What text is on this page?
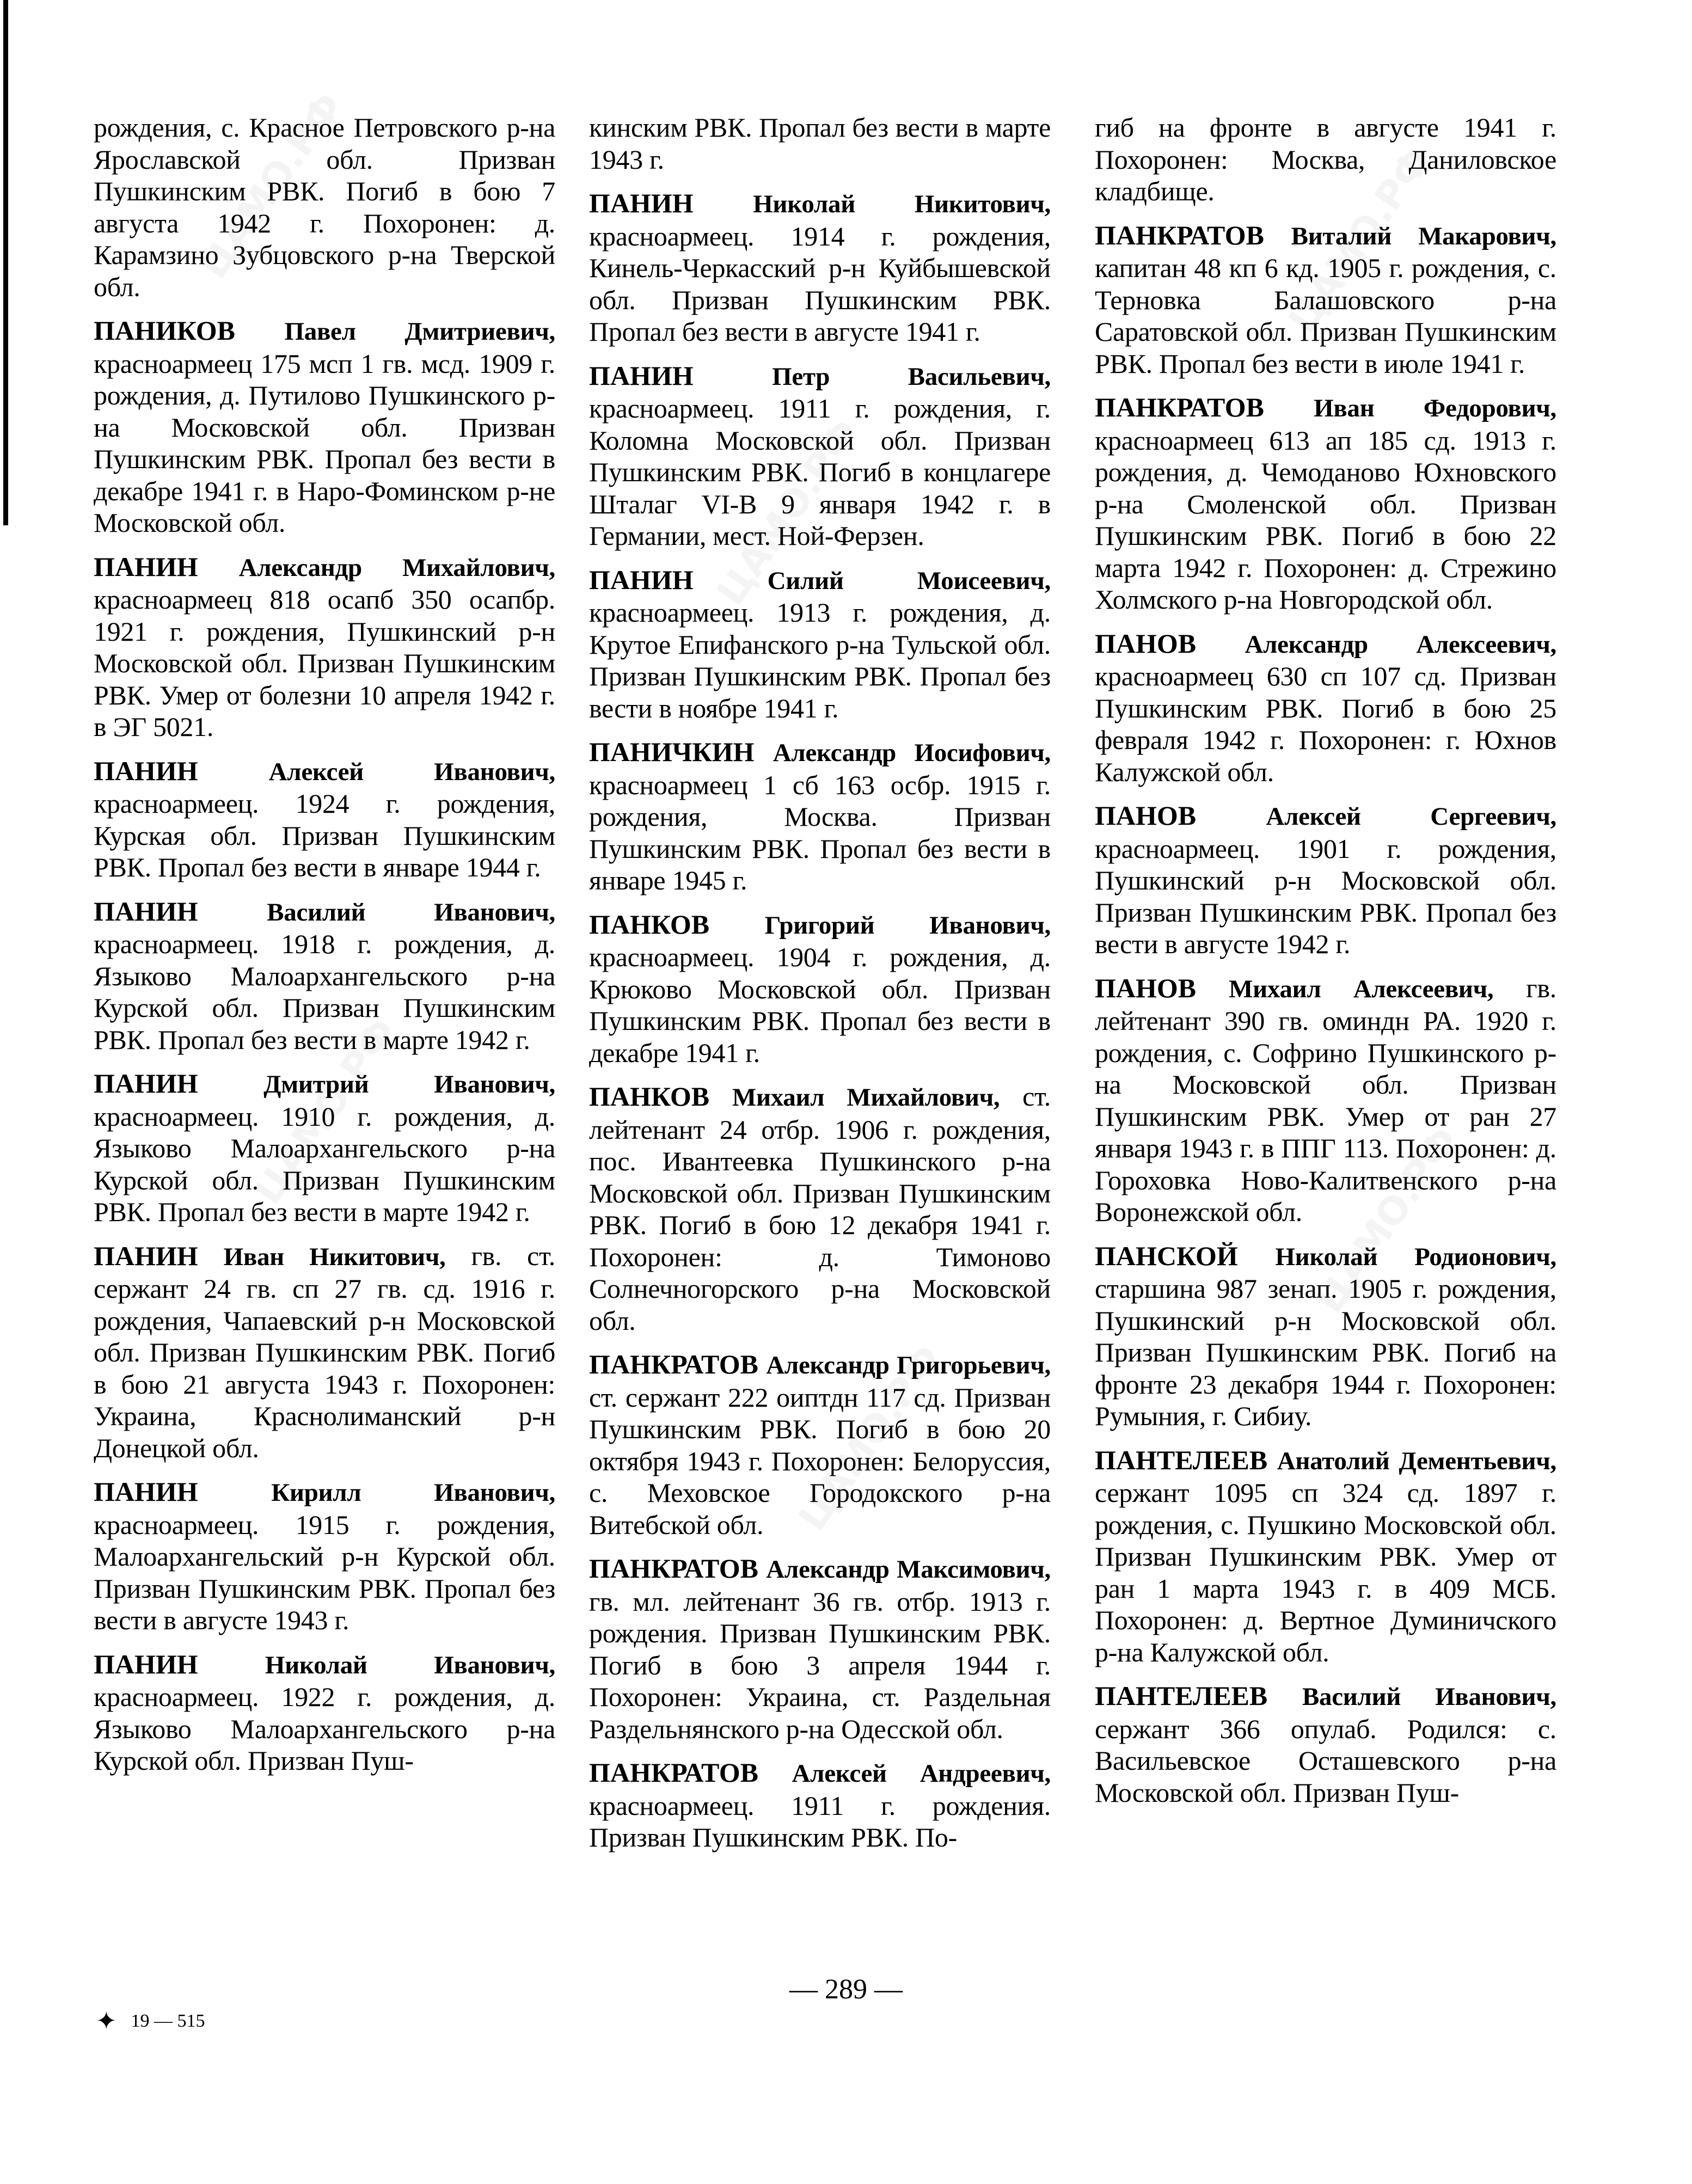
рождения, с. Красное Петровского р-на Ярославской обл. Призван Пушкинским РВК. Погиб в бою 7 августа 1942 г. Похоронен: д. Карамзино Зубцовского р-на Тверской обл.

ПАНИКОВ Павел Дмитриевич, красноармеец 175 мсп 1 гв. мсд. 1909 г. рождения, д. Путилово Пушкинского р-на Московской обл. Призван Пушкинским РВК. Пропал без вести в декабре 1941 г. в Наро-Фоминском р-не Московской обл.

ПАНИН Александр Михайлович, красноармеец 818 осапб 350 осапбр. 1921 г. рождения, Пушкинский р-н Московской обл. Призван Пушкинским РВК. Умер от болезни 10 апреля 1942 г. в ЭГ 5021.

ПАНИН	Алексей Иванович, красноармеец. 1924 г. рождения, Курская обл. Призван Пушкинским РВК. Пропал без вести в январе 1944 г.

ПАНИН	Василий Иванович, красноармеец. 1918 г. рождения, д. Языково Малоархангельского р-на Курской обл. Призван Пушкинским РВК. Пропал без вести в марте 1942 г.

ПАНИН	Дмитрий Иванович, красноармеец. 1910 г. рождения, д. Языково Малоархангельского р-на Курской обл. Призван Пушкинским РВК. Пропал без вести в марте 1942 г.

ПАНИН Иван Никитович, гв. ст. сержант 24 гв. сп 27 гв. сд. 1916 г. рождения, Чапаевский р-н Московской обл. Призван Пушкинским РВК. Погиб в бою 21 августа 1943 г. Похоронен: Украина, Краснолиманский р-н Донецкой обл.

ПАНИН	Кирилл Иванович, красноармеец. 1915 г. рождения, Малоархангельский р-н Курской обл. Призван Пушкинским РВК. Пропал без вести в августе 1943 г.

ПАНИН	Николай Иванович, красноармеец. 1922 г. рождения, д. Языково Малоархангельского р-на Курской обл. Призван Пуш-

кинским РВК. Пропал без вести в марте 1943 г.

ПАНИН Николай Никитович, красноармеец. 1914 г. рождения, Кинель-Черкасский р-н Куйбышевской обл. Призван Пушкинским РВК. Пропал без вести в августе 1941 г.

ПАНИН	Петр Васильевич, красноармеец. 1911 г. рождения, г. Коломна Московской обл. Призван Пушкинским РВК. Погиб в концлагере Шталаг VI-B 9 января 1942 г. в Германии, мест. Ной-Ферзен.

ПАНИН	Силий Моисеевич, красноармеец. 1913 г. рождения, д. Крутое Епифанского р-на Тульской обл. Призван Пушкинским РВК. Пропал без вести в ноябре 1941 г.

ПАНИЧКИН Александр Иосифович, красноармеец 1 сб 163 осбр. 1915 г. рождения, Москва. Призван Пушкинским РВК. Пропал без вести в январе 1945 г.

ПАНКОВ Григорий Иванович, красноармеец. 1904 г. рождения, д. Крюково Московской обл. Призван Пушкинским РВК. Пропал без вести в декабре 1941 г.

ПАНКОВ Михаил Михайлович, ст. лейтенант 24 отбр. 1906 г. рождения, пос. Ивантеевка Пушкинского р-на Московской обл. Призван Пушкинским РВК. Погиб в бою 12 декабря 1941 г. Похоронен: д. Тимоново Солнечногорского р-на Московской обл.

ПАНКРАТОВ Александр Григорьевич, ст. сержант 222 оиптдн 117 сд. Призван Пушкинским РВК. Погиб в бою 20 октября 1943 г. Похоронен: Белоруссия, с. Меховское Городокского р-на Витебской обл.

ПАНКРАТОВ Александр Максимович, гв. мл. лейтенант 36 гв. отбр. 1913 г. рождения. Призван Пушкинским РВК. Погиб в бою 3 апреля 1944 г. Похоронен: Украина, ст. Раздельная Раздельнянского р-на Одесской обл.

ПАНКРАТОВ Алексей Андреевич, красноармеец. 1911 г. рождения. Призван Пушкинским РВК. По-

гиб на фронте в августе 1941 г. Похоронен: Москва, Даниловское кладбище.

ПАНКРАТОВ Виталий Макарович, капитан 48 кп 6 кд. 1905 г. рождения, с. Терновка Балашовского р-на Саратовской обл. Призван Пушкинским РВК. Пропал без вести в июле 1941 г.

ПАНКРАТОВ Иван Федорович, красноармеец 613 ап 185 сд. 1913 г. рождения, д. Чемоданово Юхновского р-на Смоленской обл. Призван Пушкинским РВК. Погиб в бою 22 марта 1942 г. Похоронен: д. Стрежино Холмского р-на Новгородской обл.

ПАНОВ Александр Алексеевич, красноармеец 630 сп 107 сд. Призван Пушкинским РВК. Погиб в бою 25 февраля 1942 г. Похоронен: г. Юхнов Калужской обл.

ПАНОВ	Алексей Сергеевич, красноармеец. 1901 г. рождения, Пушкинский р-н Московской обл. Призван Пушкинским РВК. Пропал без вести в августе 1942 г.

ПАНОВ Михаил Алексеевич, гв. лейтенант 390 гв. оминдн РА. 1920 г. рождения, с. Софрино Пушкинского р-на Московской обл. Призван Пушкинским РВК. Умер от ран 27 января 1943 г. в ППГ 113. Похоронен: д. Гороховка Ново-Калитвенского р-на Воронежской обл.

ПАНСКОЙ Николай Родионович, старшина 987 зенап. 1905 г. рождения, Пушкинский р-н Московской обл. Призван Пушкинским РВК. Погиб на фронте 23 декабря 1944 г. Похоронен: Румыния, г. Сибиу.

ПАНТЕЛЕЕВ Анатолий Дементьевич, сержант 1095 сп 324 сд. 1897 г. рождения, с. Пушкино Московской обл. Призван Пушкинским РВК. Умер от ран 1 марта 1943 г. в 409 МСБ. Похоронен: д. Вертное Думиничского р-на Калужской обл.

ПАНТЕЛЕЕВ Василий Иванович, сержант 366 опулаб. Родился: с. Васильевское Осташевского р-на Московской обл. Призван Пуш-

✦ 19 — 515
— 289 —
